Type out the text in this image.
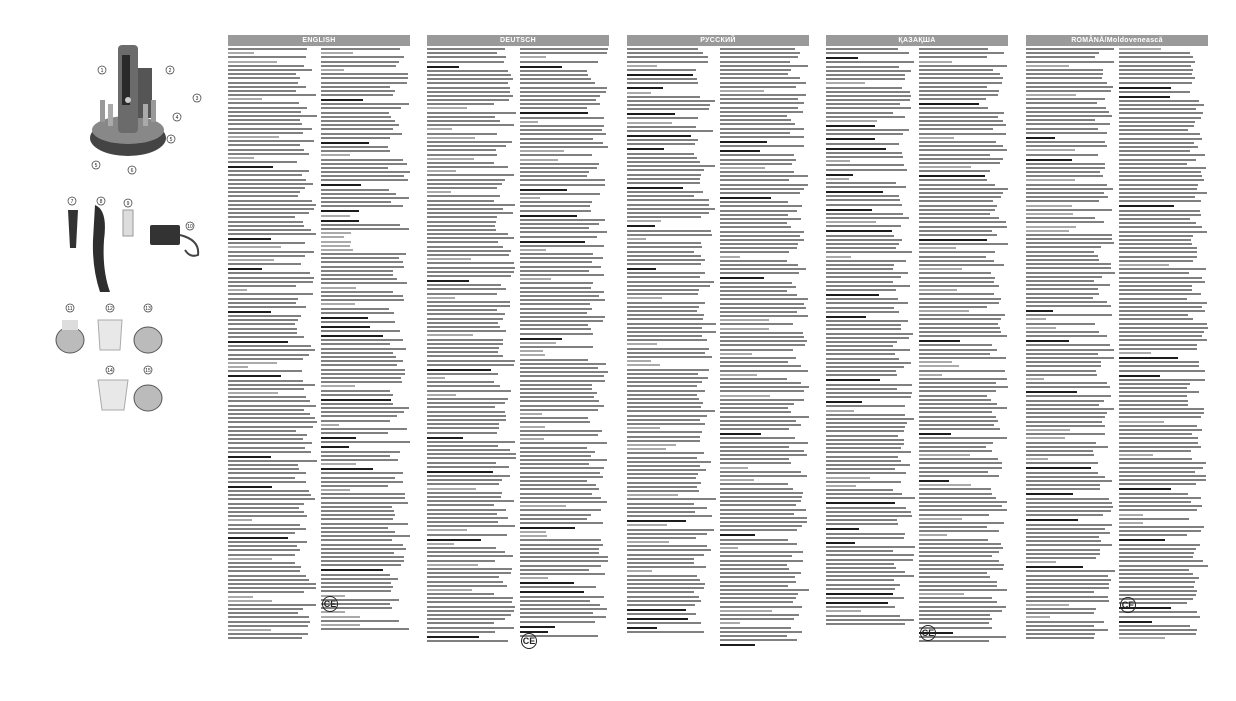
1	2
3
4
5
6
5
7	8	9
10
11	12	13
14	15
ENGLISH	DEUTSCH	РУССКИЙ	ҚАЗАҚША	ROMÂNĂ/Moldovenească
CE
CE
CE
CE
